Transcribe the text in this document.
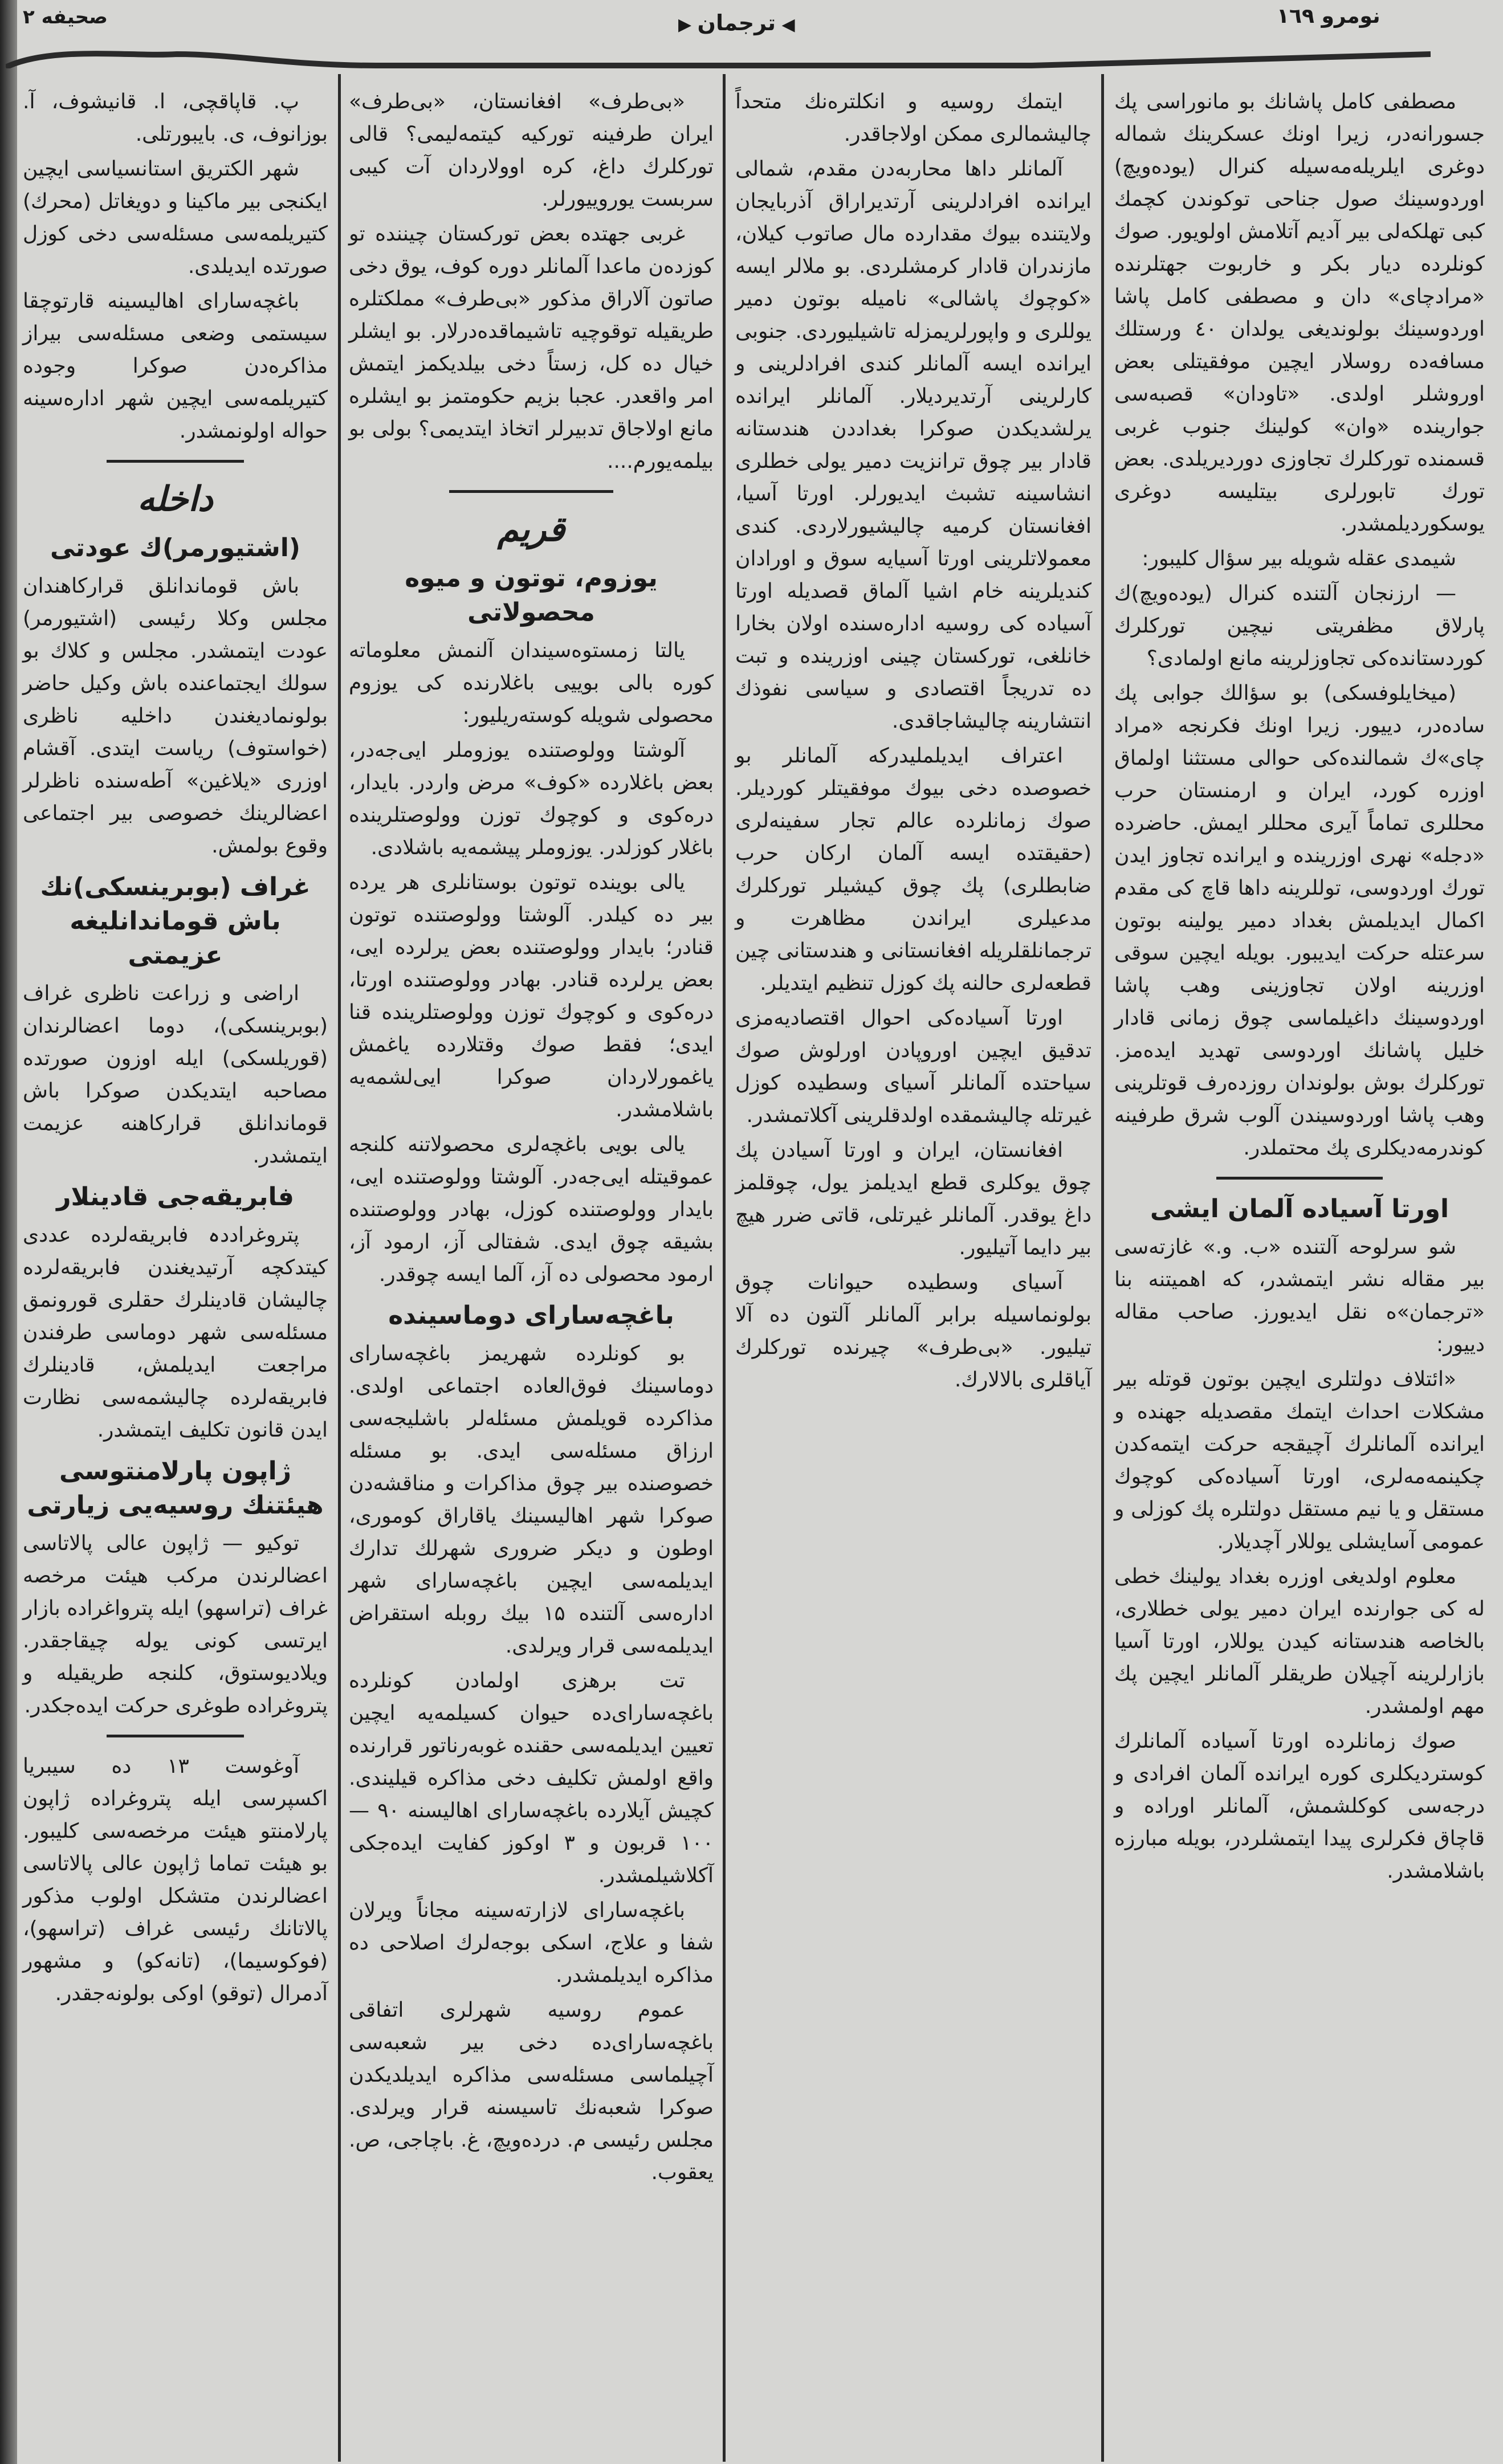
صحیفه ٢	◀ ترجمان ▶	نومرو ١٦٩

مصطفی کامل پاشانك بو مانوراسی پك جسورانه‌در، زیرا اونك عسکرینك شماله دوغری ایلریله‌مه‌سیله کنرال (یوده‌ویچ) اوردوسینك صول جناحی توکوندن کچمك کبی تهلکه‌لی بیر آدیم آتلامش اولویور. صوك کونلرده دیار بکر و خاربوت جهتلرنده «مرادچای» دان و مصطفی کامل پاشا اوردوسینك بولوندیغی یولدان ٤٠ ورستلك مسافه‌ده روسلار ایچین موفقیتلی بعض اوروشلر اولدی. «تاودان» قصبه‌سی جوارینده «وان» کولینك جنوب غربی قسمنده تورکلرك تجاوزی دوردیریلدی. بعض تورك تابورلری بیتلیسه دوغری یوسکوردیلمشدر.

شیمدی عقله شویله بیر سؤال کلیبور:

— ارزنجان آلتنده کنرال (یوده‌ویچ)ك پارلاق مظفریتی نیچین تورکلرك کوردستانده‌کی تجاوزلرینه مانع اولمادی؟

(میخایلوفسکی) بو سؤالك جوابی پك ساده‌در، دییور. زیرا اونك فکرنجه «مراد چای»ك شمالنده‌کی حوالی مستثنا اولماق اوزره کورد، ایران و ارمنستان حرب محللری تماماً آیری محللر ایمش. حاضرده «دجله» نهری اوزرینده و ایرانده تجاوز ایدن تورك اوردوسی، توللرینه داها قاچ کی مقدم اکمال ایدیلمش بغداد دمیر یولینه بوتون سرعتله حرکت ایدیبور. بویله ایچین سوقی اوزرینه اولان تجاوزینی وهب پاشا اوردوسینك داغیلماسی چوق زمانی قادار خلیل پاشانك اوردوسی تهدید ایده‌مز. تورکلرك بوش بولوندان روزده‌رف قوتلرینی وهب پاشا اوردوسیندن آلوب شرق طرفینه کوندرمه‌دیکلری پك محتملدر.

اورتا آسیاده آلمان ایشی

شو سرلوحه آلتنده «ب. و.» غازته‌سی بیر مقاله نشر ایتمشدر، که اهمیتنه بنا «ترجمان»ه نقل ایدیورز. صاحب مقاله دییور:

«ائتلاف دولتلری ایچین بوتون قوتله بیر مشکلات احداث ایتمك مقصدیله جهنده و ایرانده آلمانلرك آچیقجه حرکت ایتمه‌کدن چکینمه‌مه‌لری، اورتا آسیاده‌کی کوچوك مستقل و یا نیم مستقل دولتلره پك کوزلی و عمومی آسایشلی یوللار آچدیلار.

معلوم اولدیغی اوزره بغداد یولینك خطی له کی جوارنده ایران دمیر یولی خطلاری، بالخاصه هندستانه کیدن یوللار، اورتا آسیا بازارلرینه آچیلان طریقلر آلمانلر ایچین پك مهم اولمشدر.

صوك زمانلرده اورتا آسیاده آلمانلرك کوستردیکلری کوره ایرانده آلمان افرادی و درجه‌سی کوکلشمش، آلمانلر اوراده و قاچاق فکرلری پیدا ایتمشلردر، بویله مبارزه باشلامشدر.

ایتمك روسیه و انکلتره‌نك متحداً چالیشمالری ممکن اولاجاقدر.

آلمانلر داها محاربه‌دن مقدم، شمالی ایرانده افرادلرینی آرتدیراراق آذربایجان ولایتنده بیوك مقدارده مال صاتوب کیلان، مازندران قادار کرمشلردی. بو ملالر ایسه «کوچوك پاشالی» نامیله بوتون دمیر یوللری و واپورلریمزله تاشیلیوردی. جنوبی ایرانده ایسه آلمانلر کندی افرادلرینی و کارلرینی آرتدیردیلار. آلمانلر ایرانده یرلشدیکدن صوکرا بغداددن هندستانه قادار بیر چوق ترانزیت دمیر یولی خطلری انشاسینه تشبث ایدیورلر. اورتا آسیا، افغانستان کرمیه چالیشیورلاردی. کندی معمولاتلرینی اورتا آسیایه سوق و اورادان کندیلرینه خام اشیا آلماق قصدیله اورتا آسیاده کی روسیه اداره‌سنده اولان بخارا خانلغی، تورکستان چینی اوزرینده و تبت ده تدریجاً اقتصادی و سیاسی نفوذك انتشارینه چالیشاجاقدی.

اعتراف ایدیلملیدرکه آلمانلر بو خصوصده دخی بیوك موفقیتلر کوردیلر. صوك زمانلرده عالم تجار سفینه‌لری (حقیقتده ایسه آلمان ارکان حرب ضابطلری) پك چوق کیشیلر تورکلرك مدعیلری ایراندن مظاهرت و ترجمانلقلریله افغانستانی و هندستانی چین قطعه‌لری حالنه پك کوزل تنظیم ایتدیلر.

اورتا آسیاده‌کی احوال اقتصادیه‌مزی تدقیق ایچین اوروپادن اورلوش صوك سیاحتده آلمانلر آسیای وسطیده کوزل غیرتله چالیشمقده اولدقلرینی آکلاتمشدر.

افغانستان، ایران و اورتا آسیادن پك چوق یوکلری قطع ایدیلمز یول، چوقلمز داغ یوقدر. آلمانلر غیرتلی، قاتی ضرر هیچ بیر دایما آتیلیور.

آسیای وسطیده حیوانات چوق بولونماسیله برابر آلمانلر آلتون ده آلا تیلیور. «بی‌طرف» چیرنده تورکلرك آیاقلری بالالارك.

«بی‌طرف» افغانستان، «بی‌طرف» ایران طرفینه تورکیه کیتمه‌لیمی؟ قالی تورکلرك داغ، کره اوولاردان آت کیبی سربست یوروییورلر.

غربی جهتده بعض تورکستان چیننده تو کوزده‌ن ماعدا آلمانلر دوره کوف، یوق دخی صاتون آلاراق مذکور «بی‌طرف» مملکتلره طریقیله توقوچیه تاشیماقده‌درلار. بو ایشلر خیال ده کل، زستاً دخی بیلدیکمز ایتمش امر واقعدر. عجبا بزیم حکومتمز بو ایشلره مانع اولاجاق تدبیرلر اتخاذ ایتدیمی؟ بولی بو بیلمه‌یورم....

قریم
یوزوم، توتون و میوه محصولاتی

یالتا زمستوه‌سیندان آلنمش معلوماته کوره بالی بوییی باغلارنده کی یوزوم محصولی شویله کوسته‌ریلیور:

آلوشتا وولوصتنده یوزوملر ایی‌جه‌در، بعض باغلارده «کوف» مرض واردر. بایدار، دره‌کوی و کوچوك توزن وولوصتلرینده باغلار کوزلدر. یوزوملر پیشمه‌یه باشلادی.

یالی بوینده توتون بوستانلری هر یرده بیر ده کیلدر. آلوشتا وولوصتنده توتون قنادر؛ بایدار وولوصتنده بعض یرلرده ایی، بعض یرلرده قنادر. بهادر وولوصتنده اورتا، دره‌کوی و کوچوك توزن وولوصتلرینده قنا ایدی؛ فقط صوك وقتلارده یاغمش یاغمورلاردان صوکرا ایی‌لشمه‌یه باشلامشدر.

یالی بویی باغچه‌لری محصولاتنه کلنجه عموقیتله ایی‌جه‌در. آلوشتا وولوصتنده ایی، بایدار وولوصتنده کوزل، بهادر وولوصتنده بشیقه چوق ایدی. شفتالی آز، ارمود آز، ارمود محصولی ده آز، آلما ایسه چوقدر.

باغچه‌سارای دوماسینده

بو کونلرده شهریمز باغچه‌سارای دوماسینك فوق‌العاده اجتماعی اولدی. مذاکرده قویلمش مسئله‌لر باشلیجه‌سی ارزاق مسئله‌سی ایدی. بو مسئله خصوصنده بیر چوق مذاکرات و مناقشه‌دن صوکرا شهر اهالیسینك یاقاراق کوموری، اوطون و دیکر ضروری شهرلك تدارك ایدیلمه‌سی ایچین باغچه‌سارای شهر اداره‌سی آلتنده ۱۵ بیك روبله استقراض ایدیلمه‌سی قرار ویرلدی.

تت برهزی اولمادن کونلرده باغچه‌سارای‌ده حیوان کسیلمه‌یه ایچین تعیین ایدیلمه‌سی حقنده غوبه‌رناتور قرارنده واقع اولمش تکلیف دخی مذاکره قیلیندی. کچیش آیلارده باغچه‌سارای اهالیسنه ۹۰ — ۱۰۰ قربون و ۳ اوکوز کفایت ایده‌جکی آکلاشیلمشدر.

باغچه‌سارای لازارته‌سینه مجاناً ویرلان شفا و علاج، اسکی بوجه‌لرك اصلاحی ده مذاکره ایدیلمشدر.

عموم روسیه شهرلری اتفاقی باغچه‌سارای‌ده دخی بیر شعبه‌سی آچیلماسی مسئله‌سی مذاکره ایدیلدیکدن صوکرا شعبه‌نك تاسیسنه قرار ویرلدی. مجلس رئیسی م. درده‌ویچ، غ. باچاجی، ص. یعقوب.

پ. قاپاقچی، ا. قانیشوف، آ. بوزانوف، ی. بایبورتلی.

شهر الکتریق استانسیاسی ایچین ایکنجی بیر ماکینا و دویغاتل (محرك) کتیریلمه‌سی مسئله‌سی دخی کوزل صورتده ایدیلدی.

باغچه‌سارای اهالیسینه قارتوچقا سیستمی وضعی مسئله‌سی بیراز مذاکره‌دن صوکرا وجوده کتیریلمه‌سی ایچین شهر اداره‌سینه حواله اولونمشدر.

داخله
(اشتیورمر)ك عودتی

باش قوماندانلق قرارکاهندان مجلس وکلا رئیسی (اشتیورمر) عودت ایتمشدر. مجلس و کلاك بو سولك ایجتماعنده باش وکیل حاضر بولونمادیغندن داخلیه ناظری (خواستوف) ریاست ایتدی. آقشام اوزری «یلاغین» آطه‌سنده ناظرلر اعضالرینك خصوصی بیر اجتماعی وقوع بولمش.

غراف (بوبرینسکی)نك باش قوماندانلیغه عزیمتی

اراضی و زراعت ناظری غراف (بوبرینسکی)، دوما اعضالرندان (قوریلسکی) ایله اوزون صورتده مصاحبه ایتدیکدن صوکرا باش قوماندانلق قرارکاهنه عزیمت ایتمشدر.

فابریقه‌جی قادینلار

پتروغراددہ فابریقه‌لرده عددی کیتدکچه آرتیدیغندن فابریقه‌لرده چالیشان قادینلرك حقلری قورونمق مسئله‌سی شهر دوماسی طرفندن مراجعت ایدیلمش، قادینلرك فابریقه‌لرده چالیشمه‌سی نظارت ایدن قانون تکلیف ایتمشدر.

ژاپون پارلامنتوسی هیئتنك روسیه‌یی زیارتی

توکیو — ژاپون عالی پالاتاسی اعضالرندن مرکب هیئت مرخصه غراف (ترا‌سهو) ایله پترواغراده بازار ایرتسی کونی یوله چیقاجقدر. ویلادیوستوق، کلنجه طریقیله و پتروغراده طوغری حرکت ایده‌جکدر.

آوغوست ۱۳ ده سیبریا اکسپرسی ایله پتروغراده ژاپون پارلامنتو هیئت مرخصه‌سی کلیبور. بو هیئت تماما ژاپون عالی پالاتاسی اعضالرندن متشکل اولوب مذکور پالاتانك رئیسی غراف (تراسهو)، (فوکوسیما)، (تانه‌کو) و مشهور آدمرال (توقو) اوکی بولونه‌جقدر.
